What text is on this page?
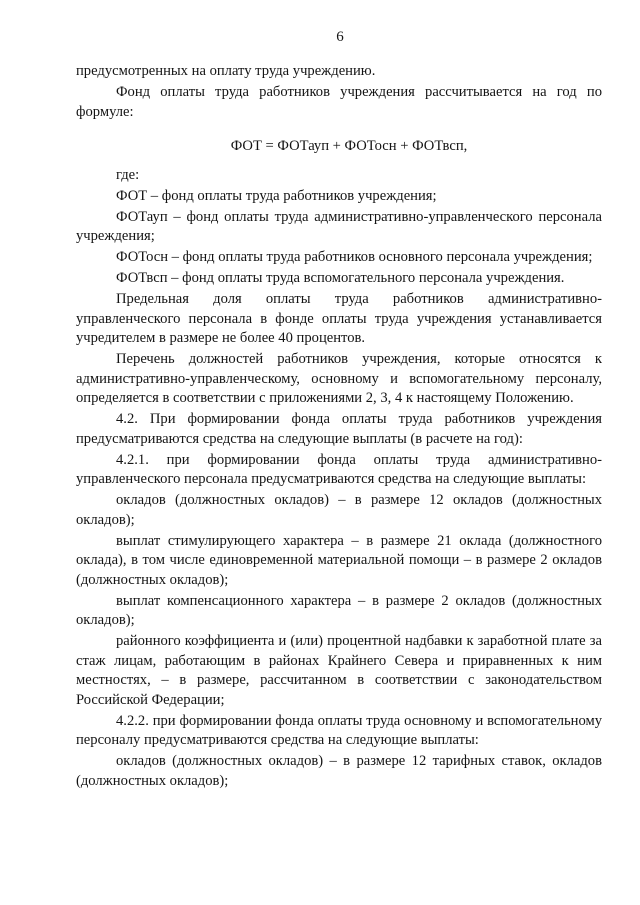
6

предусмотренных на оплату труда учреждению.

Фонд оплаты труда работников учреждения рассчитывается на год по формуле:

ФОТ = ФОТауп + ФОТосн + ФОТвсп,

где:

ФОТ – фонд оплаты труда работников учреждения;

ФОТауп – фонд оплаты труда административно-управленческого персонала учреждения;

ФОТосн – фонд оплаты труда работников основного персонала учреждения;

ФОТвсп – фонд оплаты труда вспомогательного персонала учреждения.

Предельная доля оплаты труда работников административно-управленческого персонала в фонде оплаты труда учреждения устанавливается учредителем в размере не более 40 процентов.

Перечень должностей работников учреждения, которые относятся к административно-управленческому, основному и вспомогательному персоналу, определяется в соответствии с приложениями 2, 3, 4 к настоящему Положению.

4.2. При формировании фонда оплаты труда работников учреждения предусматриваются средства на следующие выплаты (в расчете на год):

4.2.1. при формировании фонда оплаты труда административно-управленческого персонала предусматриваются средства на следующие выплаты:

окладов (должностных окладов) – в размере 12 окладов (должностных окладов);

выплат стимулирующего характера – в размере 21 оклада (должностного оклада), в том числе единовременной материальной помощи – в размере 2 окладов (должностных окладов);

выплат компенсационного характера – в размере 2 окладов (должностных окладов);

районного коэффициента и (или) процентной надбавки к заработной плате за стаж лицам, работающим в районах Крайнего Севера и приравненных к ним местностях, – в размере, рассчитанном в соответствии с законодательством Российской Федерации;

4.2.2. при формировании фонда оплаты труда основному и вспомогательному персоналу предусматриваются средства на следующие выплаты:

окладов (должностных окладов) – в размере 12 тарифных ставок, окладов (должностных окладов);
